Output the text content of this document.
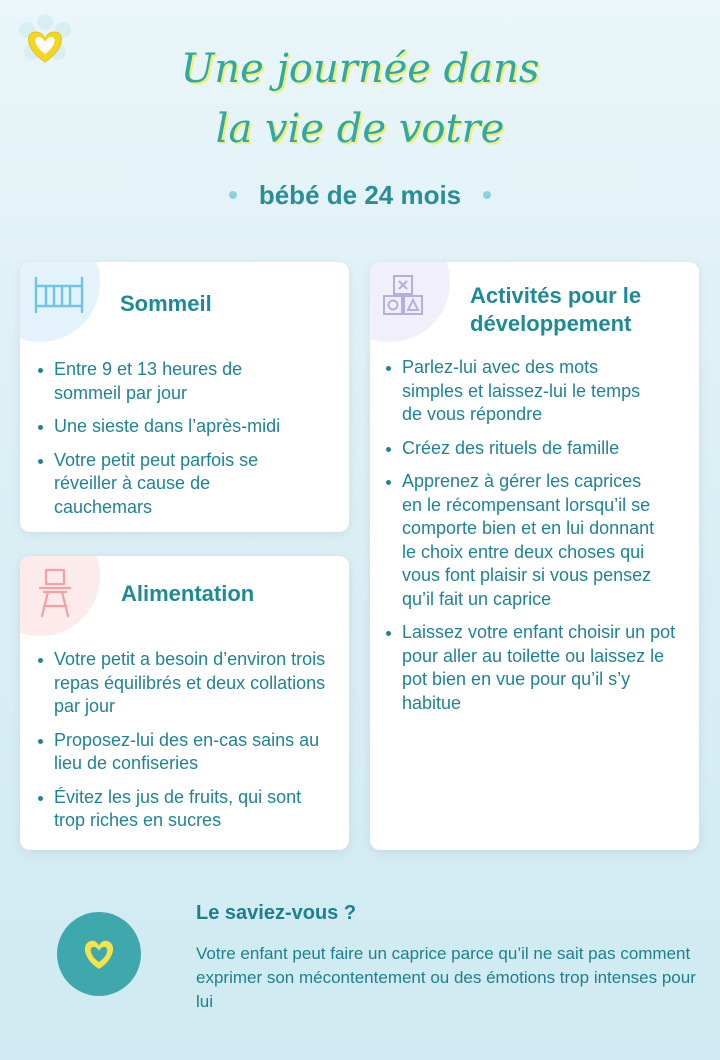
Une journée dans
la vie de votre
bébé de 24 mois
Sommeil
Entre 9 et 13 heures de sommeil par jour
Une sieste dans l’après-midi
Votre petit peut parfois se réveiller à cause de cauchemars
Alimentation
Votre petit a besoin d’environ trois repas équilibrés et deux collations par jour
Proposez-lui des en-cas sains au lieu de confiseries
Évitez les jus de fruits, qui sont trop riches en sucres
Activités pour le développement
Parlez-lui avec des mots simples et laissez-lui le temps de vous répondre
Créez des rituels de famille
Apprenez à gérer les caprices en le récompensant lorsqu’il se comporte bien et en lui donnant le choix entre deux choses qui vous font plaisir si vous pensez qu’il fait un caprice
Laissez votre enfant choisir un pot pour aller au toilette ou laissez le pot bien en vue pour qu’il s’y habitue
Le saviez-vous ?
Votre enfant peut faire un caprice parce qu’il ne sait pas comment exprimer son mécontentement ou des émotions trop intenses pour lui
